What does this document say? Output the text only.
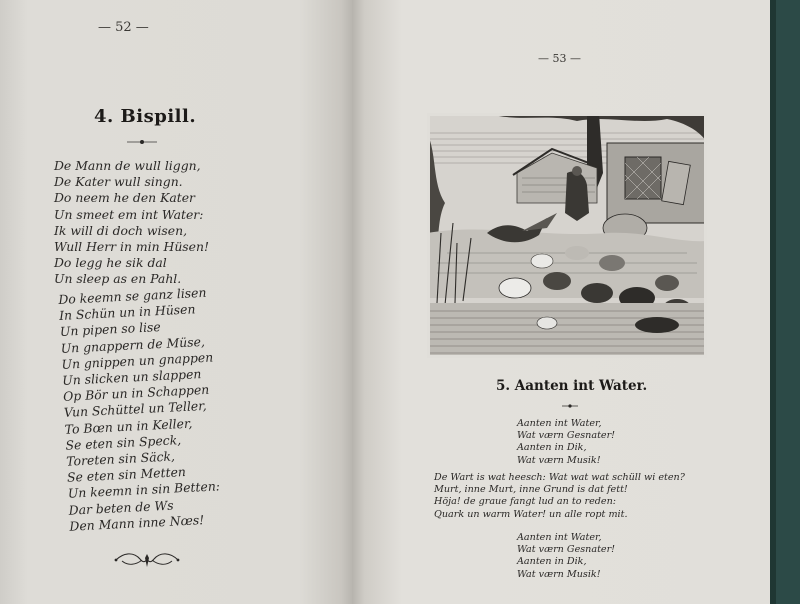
— 52 —
4. Bispill.
De Mann de wull liggn,
De Kater wull singn.
Do neem he den Kater
Un smeet em int Water:
Ik will di doch wisen,
Wull Herr in min Hüsen!
Do legg he sik dal
Un sleep as en Pahl.
Do keemn se ganz lisen
In Schün un in Hüsen
Un pipen so lise
Un gnappern de Müse,
Un gnippen un gnappen
Un slicken un slappen
Op Bör un in Schappen
Vun Schüttel un Teller,
To Bœn un in Keller,
Se eten sin Speck,
Toreten sin Säck,
Se eten sin Metten
Un keemn in sin Betten:
Dar beten de Ws
Den Mann inne Nœs!
— 53 —
5. Aanten int Water.
Aanten int Water,
Wat værn Gesnater!
Aanten in Dik,
Wat værn Musik!
De Wart is wat heesch: Wat wat wat schüll wi eten?
Murt, inne Murt, inne Grund is dat fett!
Höja! de graue fangt lud an to reden:
Quark un warm Water! un alle ropt mit.
Aanten int Water,
Wat værn Gesnater!
Aanten in Dik,
Wat værn Musik!
